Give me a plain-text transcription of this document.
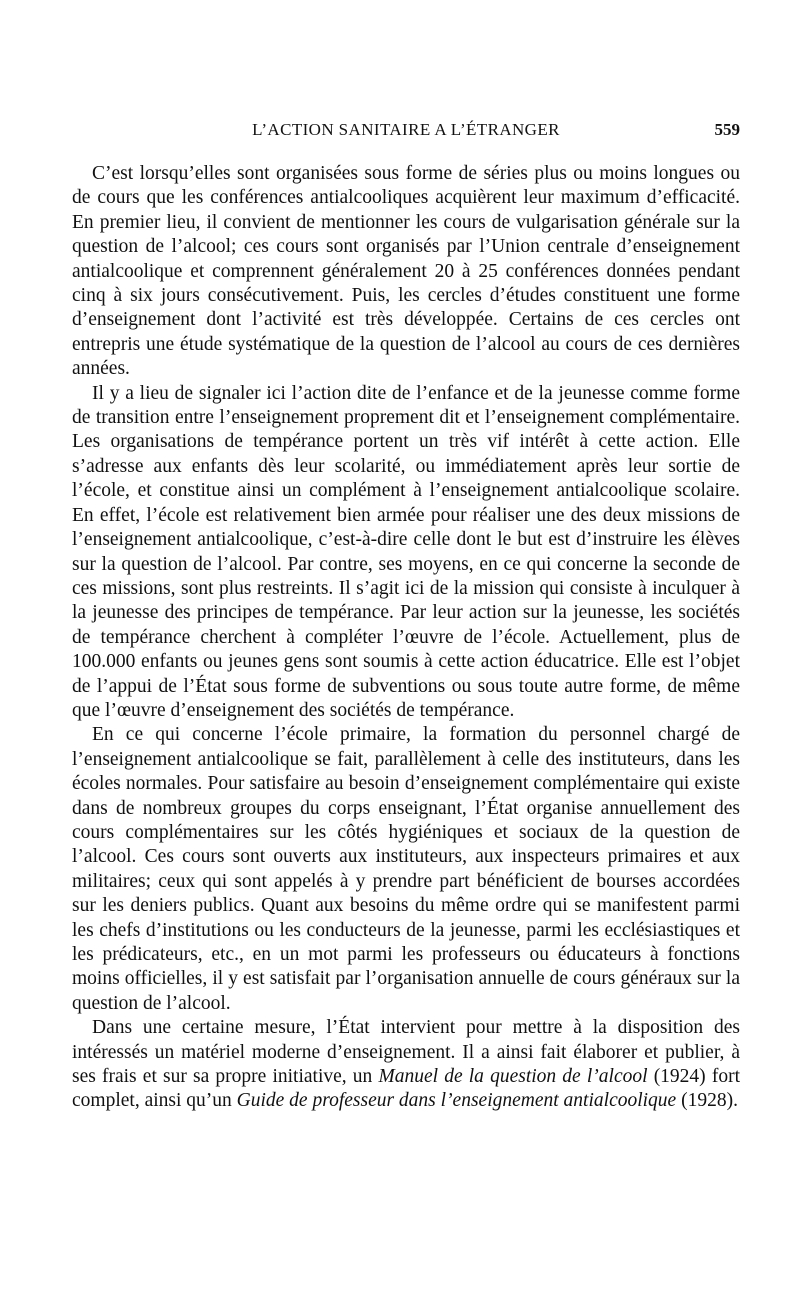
L’ACTION SANITAIRE A L’ÉTRANGER	559

C’est lorsqu’elles sont organisées sous forme de séries plus ou moins longues ou de cours que les conférences antialcooliques acquièrent leur maximum d’efficacité. En premier lieu, il convient de mentionner les cours de vulgarisation générale sur la question de l’alcool; ces cours sont organisés par l’Union centrale d’enseignement antialcoolique et comprennent généralement 20 à 25 conférences données pendant cinq à six jours consécutivement. Puis, les cercles d’études constituent une forme d’enseignement dont l’activité est très développée. Certains de ces cercles ont entrepris une étude systématique de la question de l’alcool au cours de ces dernières années.

Il y a lieu de signaler ici l’action dite de l’enfance et de la jeunesse comme forme de transition entre l’enseignement proprement dit et l’enseignement complémentaire. Les organisations de tempérance portent un très vif intérêt à cette action. Elle s’adresse aux enfants dès leur scolarité, ou immédiatement après leur sortie de l’école, et constitue ainsi un complément à l’enseignement antialcoolique scolaire. En effet, l’école est relativement bien armée pour réaliser une des deux missions de l’enseignement antialcoolique, c’est-à-dire celle dont le but est d’instruire les élèves sur la question de l’alcool. Par contre, ses moyens, en ce qui concerne la seconde de ces missions, sont plus restreints. Il s’agit ici de la mission qui consiste à inculquer à la jeunesse des principes de tempérance. Par leur action sur la jeunesse, les sociétés de tempérance cherchent à compléter l’œuvre de l’école. Actuellement, plus de 100.000 enfants ou jeunes gens sont soumis à cette action éducatrice. Elle est l’objet de l’appui de l’État sous forme de subventions ou sous toute autre forme, de même que l’œuvre d’enseignement des sociétés de tempérance.

En ce qui concerne l’école primaire, la formation du personnel chargé de l’enseignement antialcoolique se fait, parallèlement à celle des instituteurs, dans les écoles normales. Pour satisfaire au besoin d’enseignement complémentaire qui existe dans de nombreux groupes du corps enseignant, l’État organise annuellement des cours complémentaires sur les côtés hygiéniques et sociaux de la question de l’alcool. Ces cours sont ouverts aux instituteurs, aux inspecteurs primaires et aux militaires; ceux qui sont appelés à y prendre part bénéficient de bourses accordées sur les deniers publics. Quant aux besoins du même ordre qui se manifestent parmi les chefs d’institutions ou les conducteurs de la jeunesse, parmi les ecclésiastiques et les prédicateurs, etc., en un mot parmi les professeurs ou éducateurs à fonctions moins officielles, il y est satisfait par l’organisation annuelle de cours généraux sur la question de l’alcool.

Dans une certaine mesure, l’État intervient pour mettre à la disposition des intéressés un matériel moderne d’enseignement. Il a ainsi fait élaborer et publier, à ses frais et sur sa propre initiative, un Manuel de la question de l’alcool (1924) fort complet, ainsi qu’un Guide de professeur dans l’enseignement antialcoolique (1928).
